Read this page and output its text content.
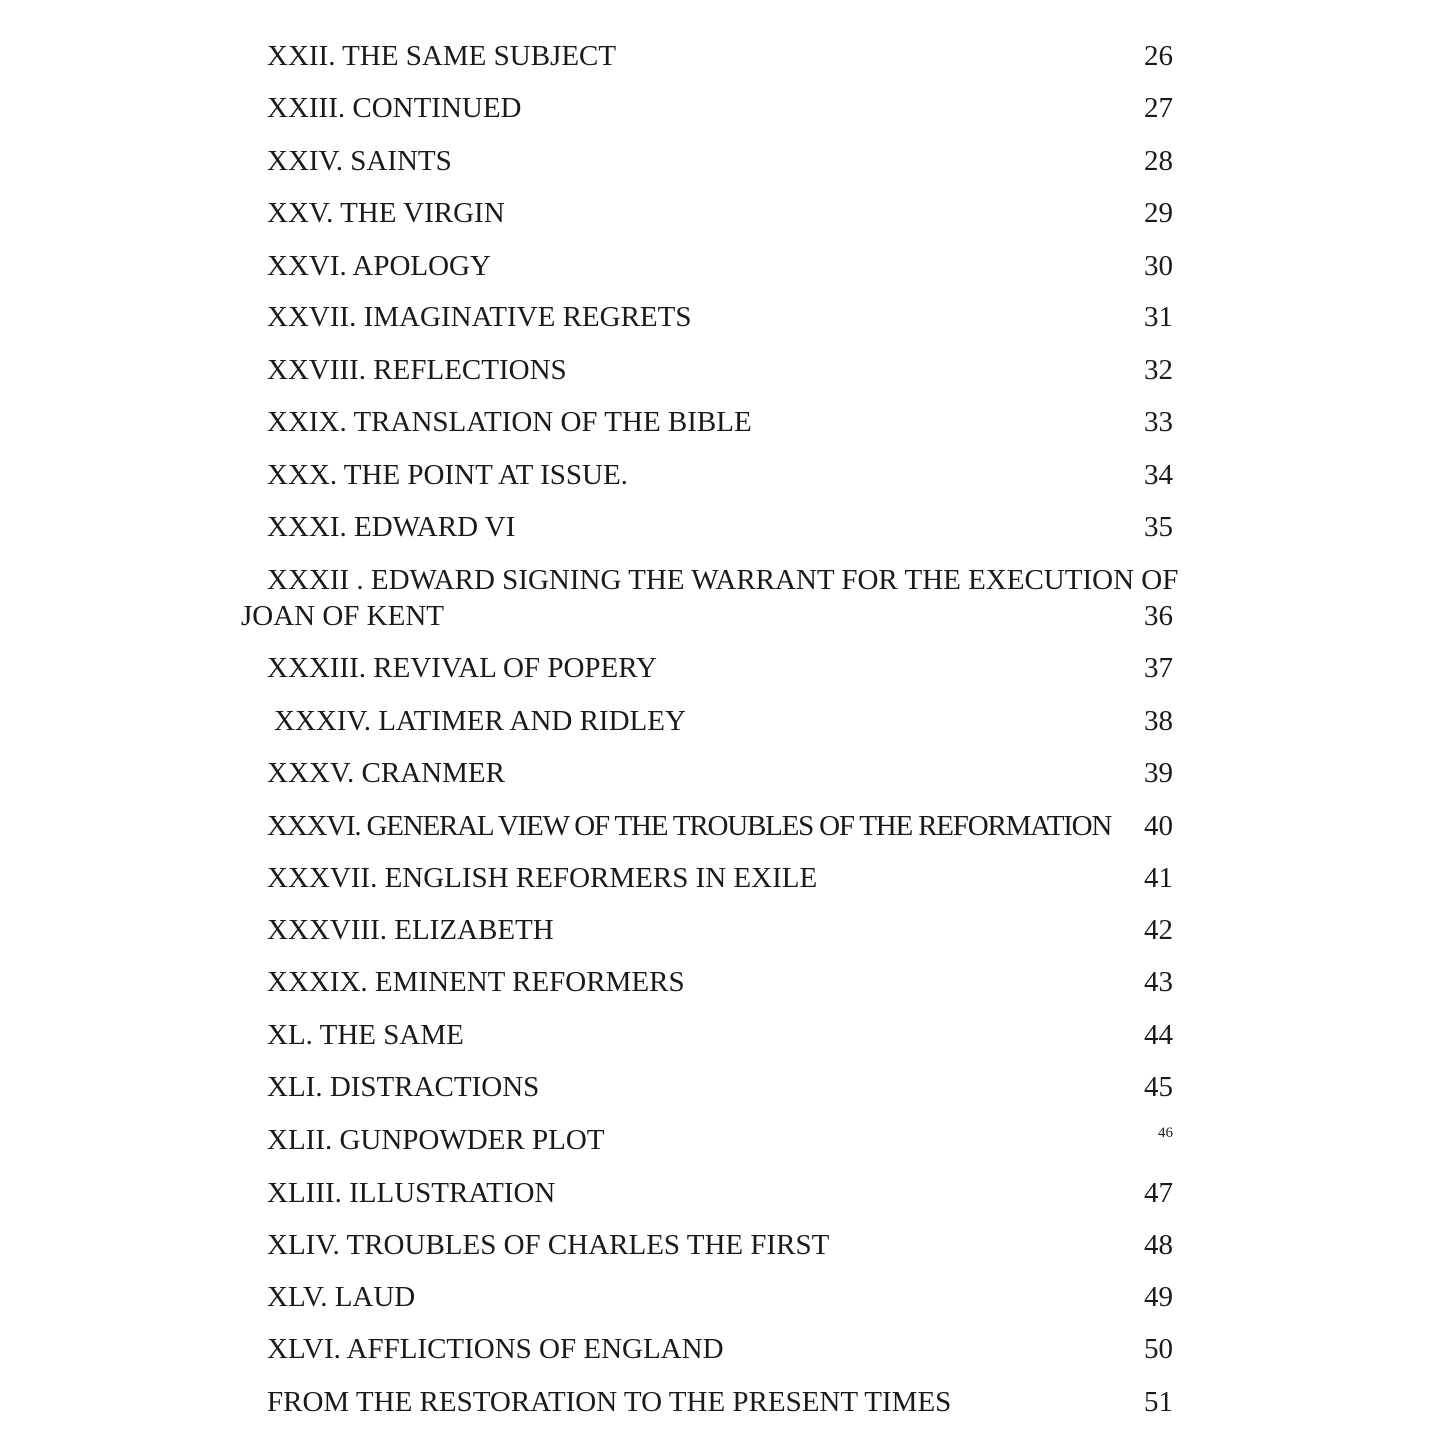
XXII. THE SAME SUBJECT	26
XXIII. CONTINUED	27
XXIV. SAINTS	28
XXV. THE VIRGIN	29
XXVI. APOLOGY	30
XXVII. IMAGINATIVE REGRETS	31
XXVIII. REFLECTIONS	32
XXIX. TRANSLATION OF THE BIBLE	33
XXX. THE POINT AT ISSUE.	34
XXXI. EDWARD VI	35
XXXII . EDWARD SIGNING THE WARRANT FOR THE EXECUTION OF
JOAN OF KENT	36
XXXIII. REVIVAL OF POPERY	37
XXXIV. LATIMER AND RIDLEY	38
XXXV. CRANMER	39
XXXVI. GENERAL VIEW OF THE TROUBLES OF THE REFORMATION 40
XXXVII. ENGLISH REFORMERS IN EXILE	41
XXXVIII. ELIZABETH	42
XXXIX. EMINENT REFORMERS	43
XL. THE SAME	44
XLI. DISTRACTIONS	45
XLII. GUNPOWDER PLOT	46
XLIII. ILLUSTRATION	47
XLIV. TROUBLES OF CHARLES THE FIRST	48
XLV. LAUD	49
XLVI. AFFLICTIONS OF ENGLAND	50
FROM THE RESTORATION TO THE PRESENT TIMES	51
